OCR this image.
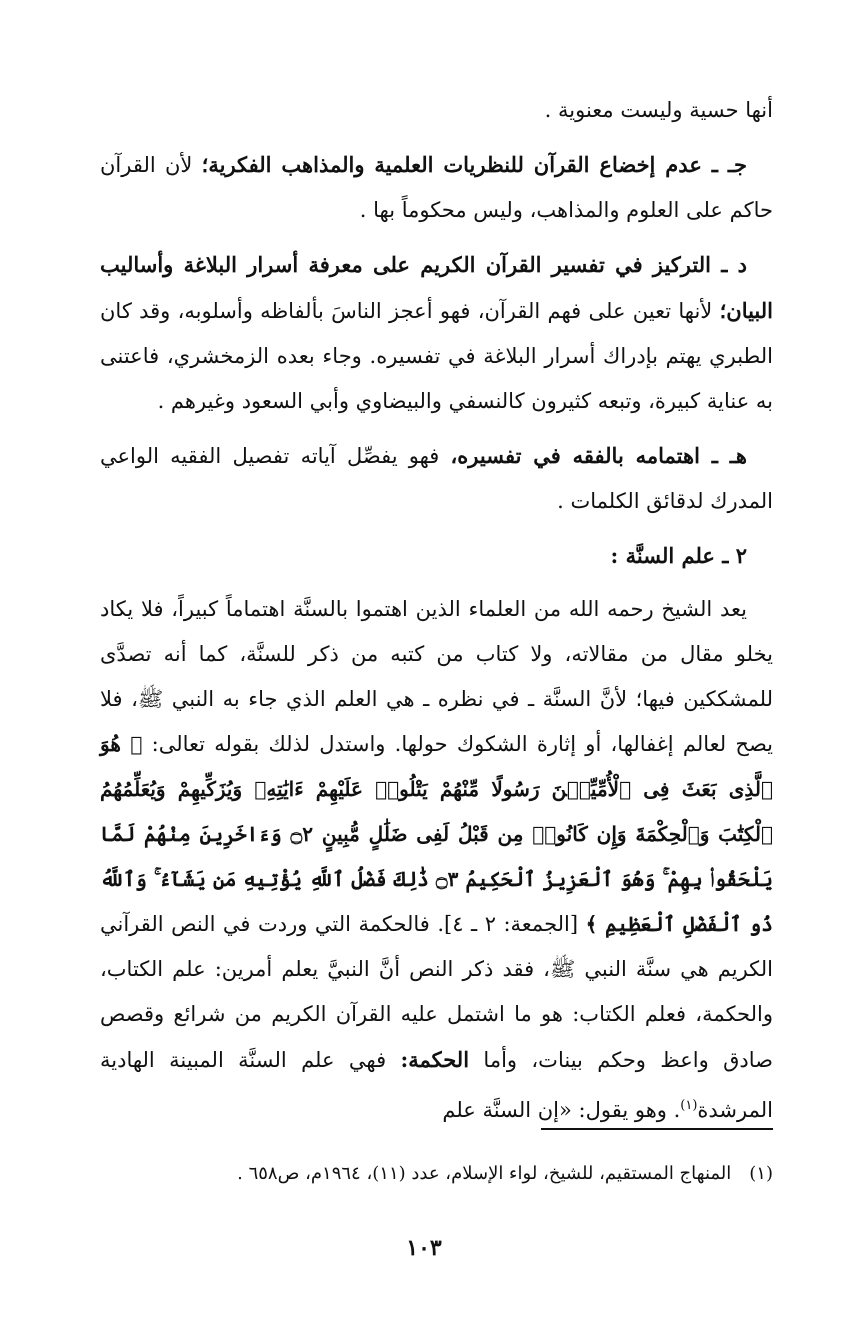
أنها حسية وليست معنوية .

جـ ـ عدم إخضاع القرآن للنظريات العلمية والمذاهب الفكرية؛ لأن القرآن حاكم على العلوم والمذاهب، وليس محكوماً بها .

د ـ التركيز في تفسير القرآن الكريم على معرفة أسرار البلاغة وأساليب البيان؛ لأنها تعين على فهم القرآن، فهو أعجز الناسَ بألفاظه وأسلوبه، وقد كان الطبري يهتم بإدراك أسرار البلاغة في تفسيره. وجاء بعده الزمخشري، فاعتنى به عناية كبيرة، وتبعه كثيرون كالنسفي والبيضاوي وأبي السعود وغيرهم .

هـ ـ اهتمامه بالفقه في تفسيره، فهو يفصِّل آياته تفصيل الفقيه الواعي المدرك لدقائق الكلمات .

٢ ـ علم السنَّة :

يعد الشيخ رحمه الله من العلماء الذين اهتموا بالسنَّة اهتماماً كبيراً، فلا يكاد يخلو مقال من مقالاته، ولا كتاب من كتبه من ذكر للسنَّة، كما أنه تصدَّى للمشككين فيها؛ لأنَّ السنَّة ـ في نظره ـ هي العلم الذي جاء به النبي ﷺ، فلا يصح لعالم إغفالها، أو إثارة الشكوك حولها. واستدل لذلك بقوله تعالى: ﴿ هُوَ ٱلَّذِى بَعَثَ فِى ٱلْأُمِّيِّـۧنَ رَسُولًا مِّنْهُمْ يَتْلُوا۟ عَلَيْهِمْ ءَايَٰتِهِۦ وَيُزَكِّيهِمْ وَيُعَلِّمُهُمُ ٱلْكِتَٰبَ وَٱلْحِكْمَةَ وَإِن كَانُوا۟ مِن قَبْلُ لَفِى ضَلَٰلٍ مُّبِينٍ ۝٢ وَءَاخَرِينَ مِنْهُمْ لَمَّا يَلْحَقُوا۟ بِهِمْ ۚ وَهُوَ ٱلْعَزِيزُ ٱلْحَكِيمُ ۝٣ ذَٰلِكَ فَضْلُ ٱللَّهِ يُؤْتِيهِ مَن يَشَآءُ ۚ وَٱللَّهُ ذُو ٱلْفَضْلِ ٱلْعَظِيمِ ﴾ [الجمعة: ٢ ـ ٤]. فالحكمة التي وردت في النص القرآني الكريم هي سنَّة النبي ﷺ، فقد ذكر النص أنَّ النبيَّ يعلم أمرين: علم الكتاب، والحكمة، فعلم الكتاب: هو ما اشتمل عليه القرآن الكريم من شرائع وقصص صادق واعظ وحكم بينات، وأما الحكمة: فهي علم السنَّة المبينة الهادية المرشدة$^{(١)}$. وهو يقول: «إن السنَّة علم

(١)المنهاج المستقيم، للشيخ، لواء الإسلام، عدد (١١)، ١٩٦٤م، ص٦٥٨ .
١٠٣
